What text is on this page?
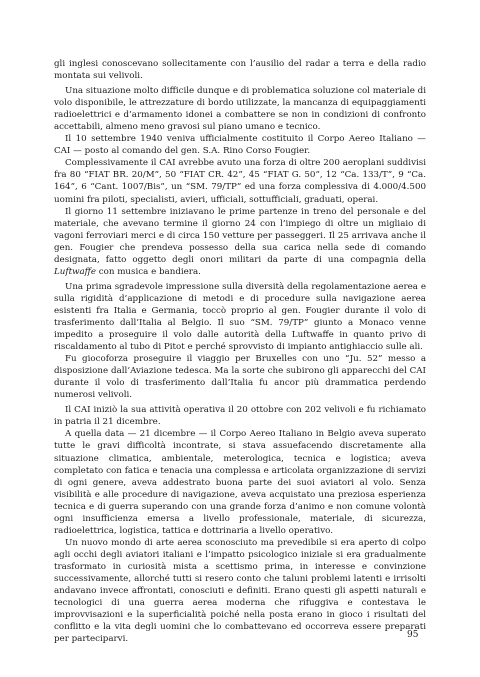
gli inglesi conoscevano sollecitamente con l’ausilio del radar a terra e della radio montata sui velivoli.

Una situazione molto difficile dunque e di problematica soluzione col materiale di volo disponibile, le attrezzature di bordo utilizzate, la mancanza di equipaggiamenti radioelettrici e d’armamento idonei a combattere se non in condizioni di confronto accettabili, almeno meno gravosi sul piano umano e tecnico.

Il 10 settembre 1940 veniva ufficialmente costituito il Corpo Aereo Italiano — CAI — posto al comando del gen. S.A. Rino Corso Fougier.

Complessivamente il CAI avrebbe avuto una forza di oltre 200 aeroplani suddivisi fra 80 “FIAT BR. 20/M”, 50 “FIAT CR. 42”, 45 “FIAT G. 50”, 12 “Ca. 133/T”, 9 “Ca. 164”, 6 “Cant. 1007/Bis”, un “SM. 79/TP” ed una forza complessiva di 4.000/4.500 uomini fra piloti, specialisti, avieri, ufficiali, sottufficiali, graduati, operai.

Il giorno 11 settembre iniziavano le prime partenze in treno del personale e del materiale, che avevano termine il giorno 24 con l’impiego di oltre un migliaio di vagoni ferroviari merci e di circa 150 vetture per passeggeri. Il 25 arrivava anche il gen. Fougier che prendeva possesso della sua carica nella sede di comando designata, fatto oggetto degli onori militari da parte di una compagnia della Luftwaffe con musica e bandiera.

Una prima sgradevole impressione sulla diversità della regolamentazione aerea e sulla rigidità d’applicazione di metodi e di procedure sulla navigazione aerea esistenti fra Italia e Germania, toccò proprio al gen. Fougier durante il volo di trasferimento dall’Italia al Belgio. Il suo “SM. 79/TP” giunto a Monaco venne impedito a proseguire il volo dalle autorità della Luftwaffe in quanto privo di riscaldamento al tubo di Pitot e perché sprovvisto di impianto antighiaccio sulle ali.

Fu giocoforza proseguire il viaggio per Bruxelles con uno “Ju. 52” messo a disposizione dall’Aviazione tedesca. Ma la sorte che subirono gli apparecchi del CAI durante il volo di trasferimento dall’Italia fu ancor più drammatica perdendo numerosi velivoli.

Il CAI iniziò la sua attività operativa il 20 ottobre con 202 velivoli e fu richiamato in patria il 21 dicembre.

A quella data — 21 dicembre — il Corpo Aereo Italiano in Belgio aveva superato tutte le gravi difficoltà incontrate, si stava assuefacendo discretamente alla situazione climatica, ambientale, meterologica, tecnica e logistica; aveva completato con fatica e tenacia una complessa e articolata organizzazione di servizi di ogni genere, aveva addestrato buona parte dei suoi aviatori al volo. Senza visibilità e alle procedure di navigazione, aveva acquistato una preziosa esperienza tecnica e di guerra superando con una grande forza d’animo e non comune volontà ogni insufficienza emersa a livello professionale, materiale, di sicurezza, radioelettrica, logistica, tattica e dottrinaria a livello operativo.

Un nuovo mondo di arte aerea sconosciuto ma prevedibile si era aperto di colpo agli occhi degli aviatori italiani e l’impatto psicologico iniziale si era gradualmente trasformato in curiosità mista a scettismo prima, in interesse e convinzione successivamente, allorché tutti si resero conto che taluni problemi latenti e irrisolti andavano invece affrontati, conosciuti e definiti. Erano questi gli aspetti naturali e tecnologici di una guerra aerea moderna che rifuggiva e contestava le improvvisazioni e la superficialità poiché nella posta erano in gioco i risultati del conflitto e la vita degli uomini che lo combattevano ed occorreva essere preparati per parteciparvi.	95
